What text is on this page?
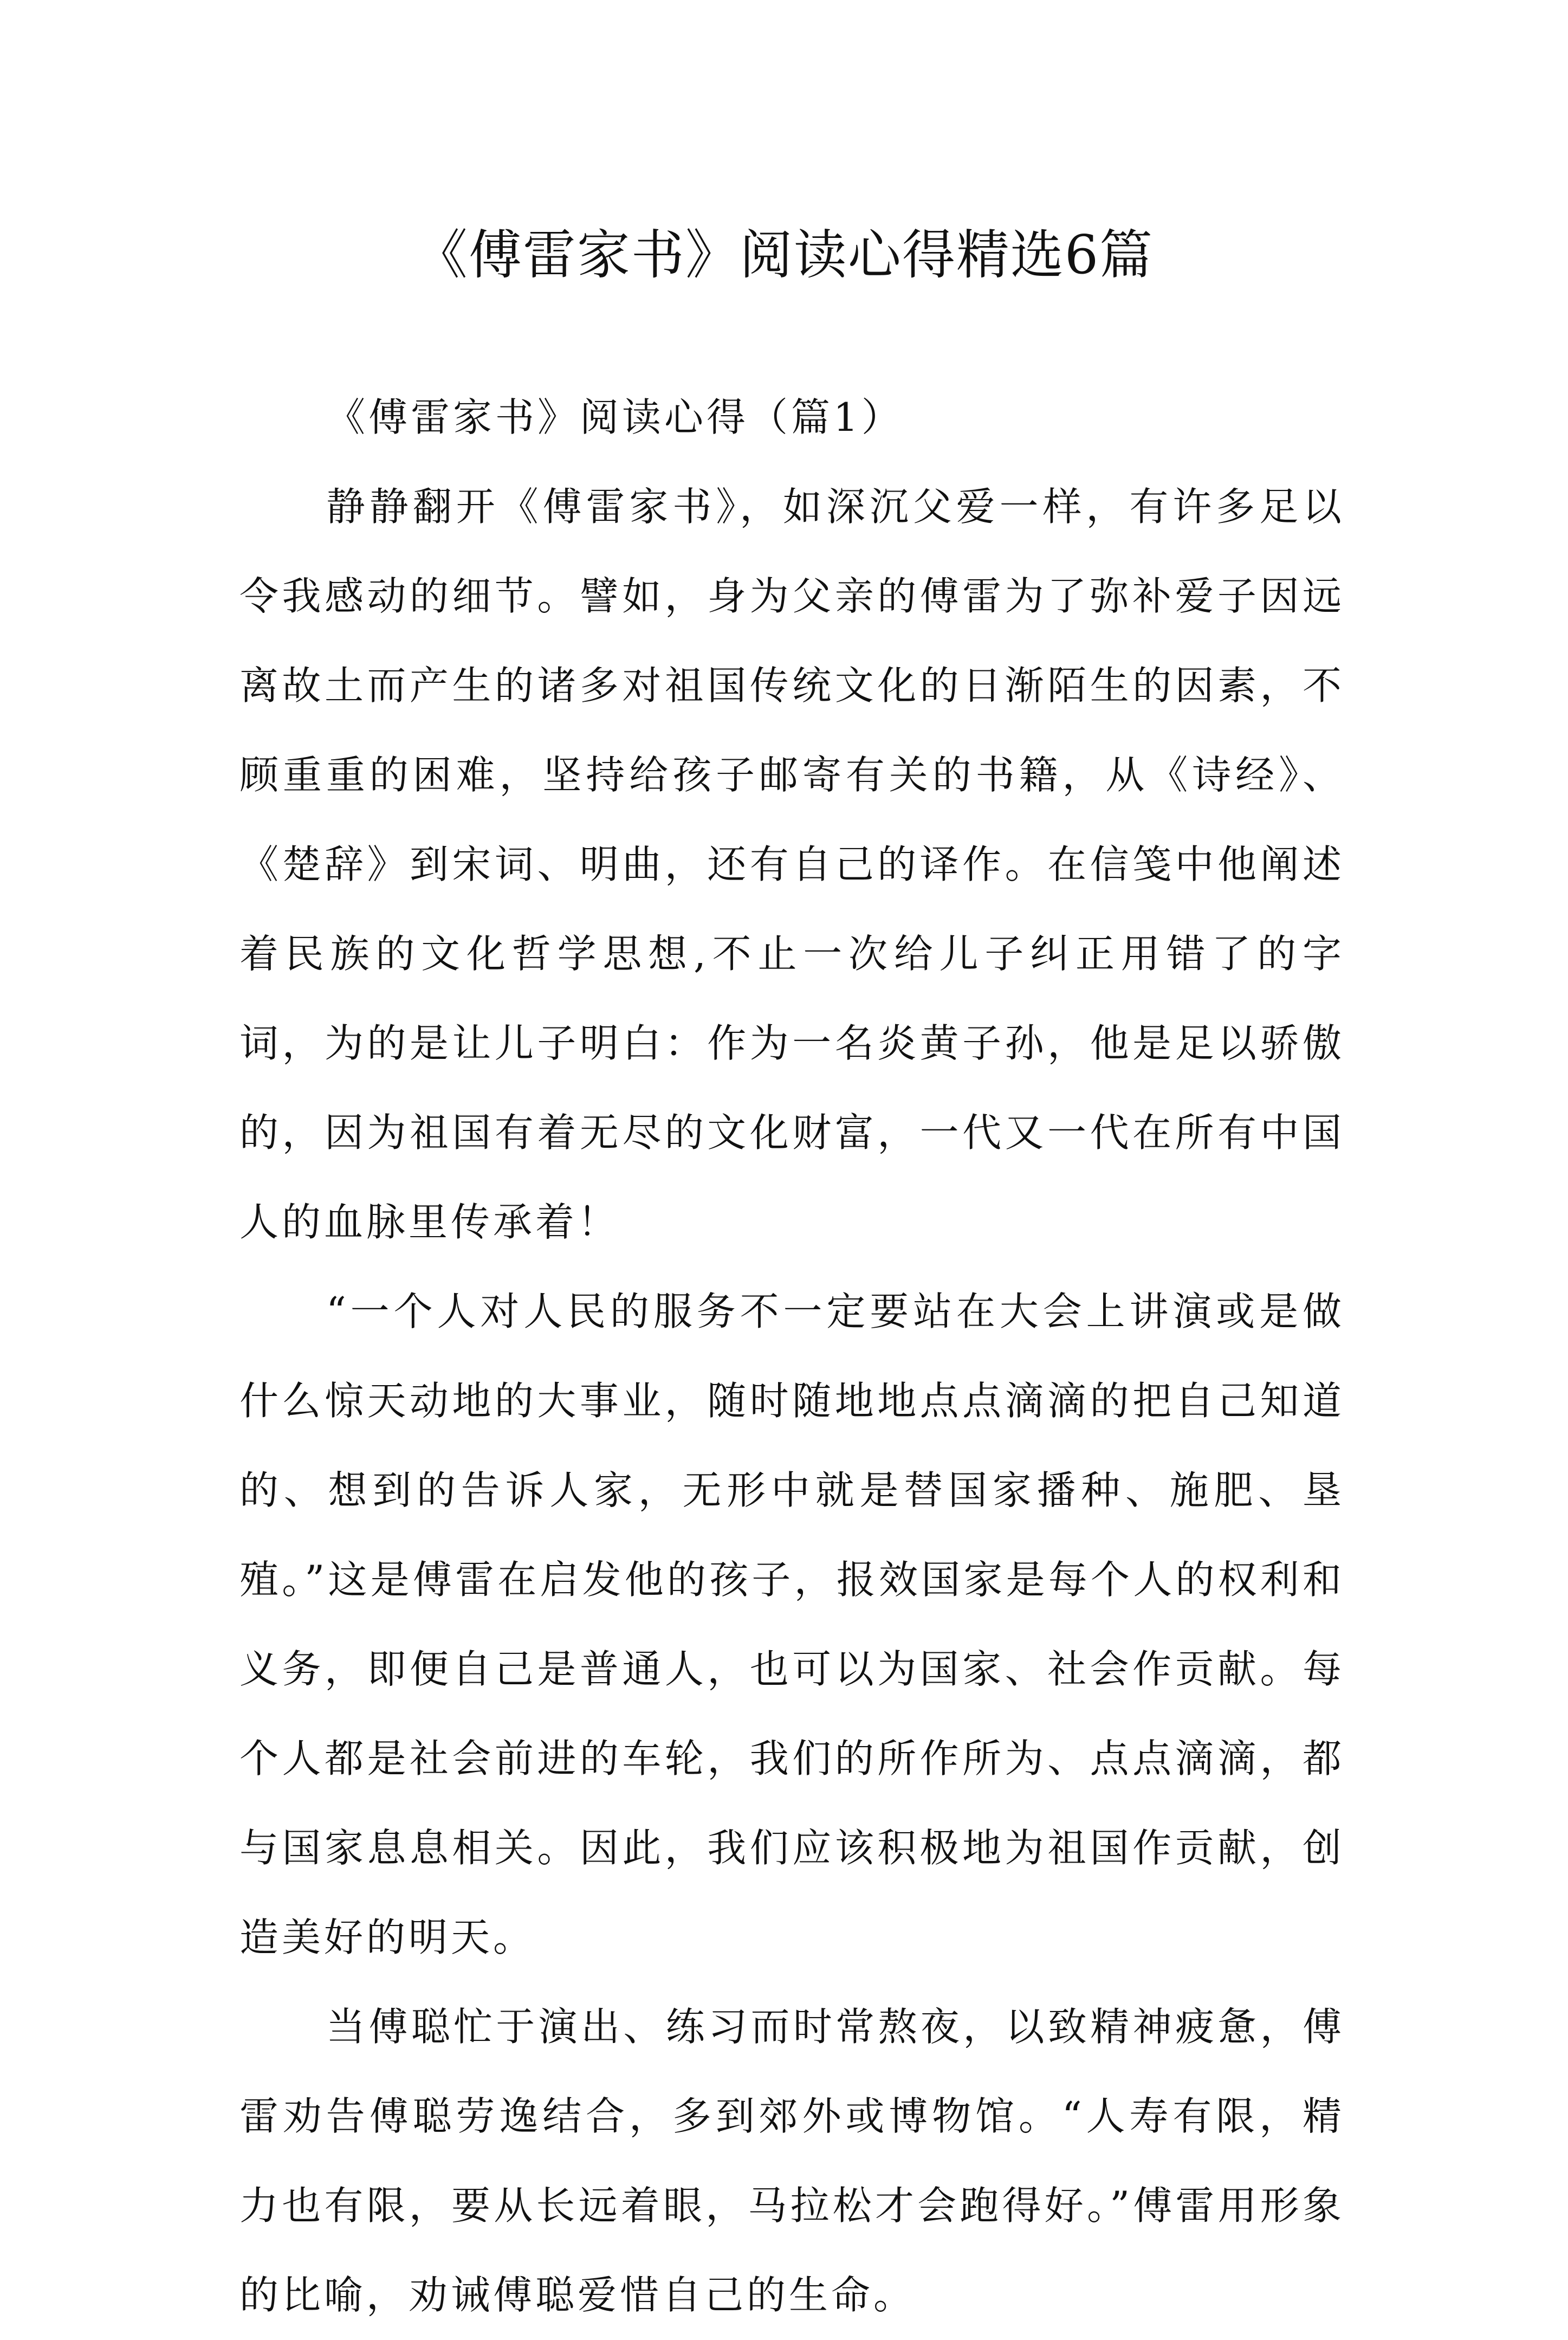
《傅雷家书》阅读心得精选6篇

《傅雷家书》阅读心得（篇1）

静静翻开《傅雷家书》，如深沉父爱一样，有许多足以令我感动的细节。譬如，身为父亲的傅雷为了弥补爱子因远离故土而产生的诸多对祖国传统文化的日渐陌生的因素，不顾重重的困难，坚持给孩子邮寄有关的书籍，从《诗经》、《楚辞》到宋词、明曲，还有自己的译作。在信笺中他阐述着民族的文化哲学思想,不止一次给儿子纠正用错了的字词，为的是让儿子明白：作为一名炎黄子孙，他是足以骄傲的，因为祖国有着无尽的文化财富，一代又一代在所有中国人的血脉里传承着！

“一个人对人民的服务不一定要站在大会上讲演或是做什么惊天动地的大事业，随时随地地点点滴滴的把自己知道的、想到的告诉人家，无形中就是替国家播种、施肥、垦殖。”这是傅雷在启发他的孩子，报效国家是每个人的权利和义务，即便自己是普通人，也可以为国家、社会作贡献。每个人都是社会前进的车轮，我们的所作所为、点点滴滴，都与国家息息相关。因此，我们应该积极地为祖国作贡献，创造美好的明天。

当傅聪忙于演出、练习而时常熬夜，以致精神疲惫，傅雷劝告傅聪劳逸结合，多到郊外或博物馆。“人寿有限，精力也有限，要从长远着眼，马拉松才会跑得好。”傅雷用形象的比喻，劝诫傅聪爱惜自己的生命。
